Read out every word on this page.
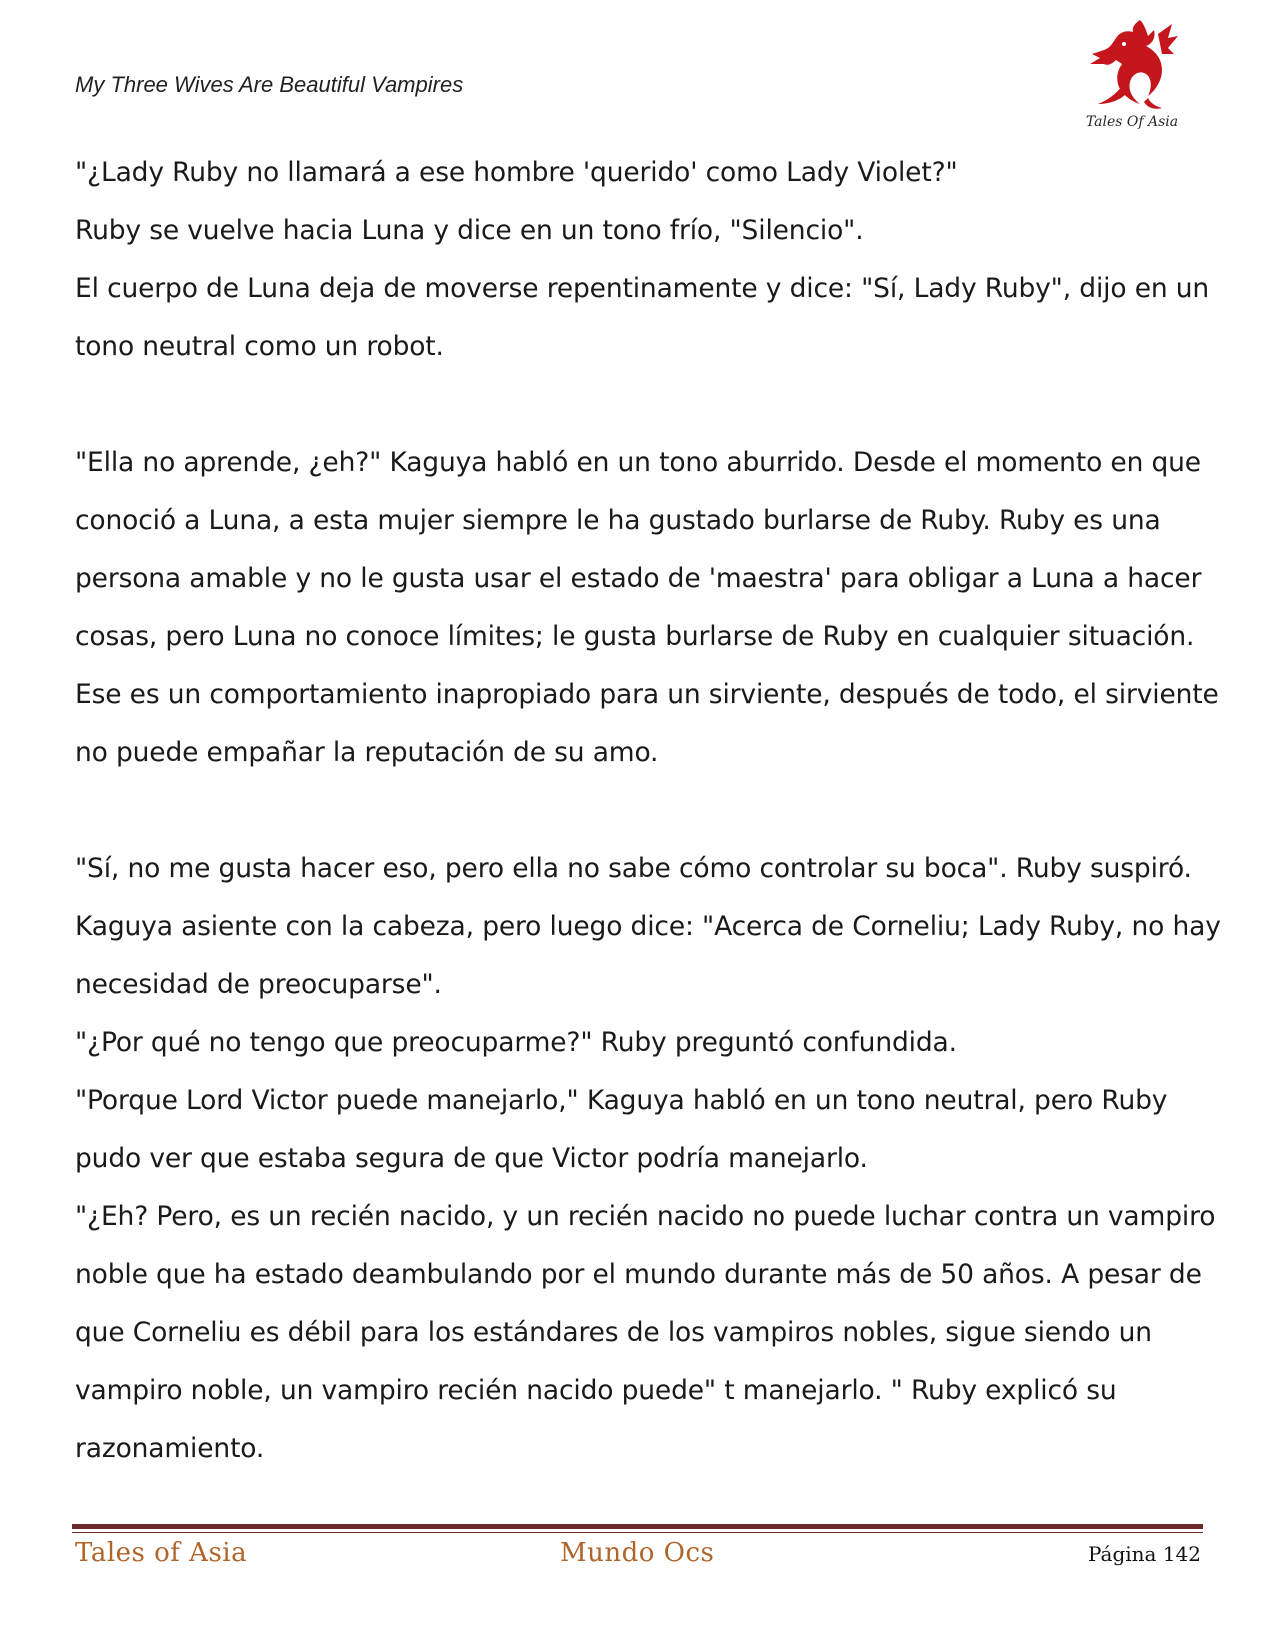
My Three Wives Are Beautiful Vampires
Tales Of Asia

"¿Lady Ruby no llamará a ese hombre 'querido' como Lady Violet?"

Ruby se vuelve hacia Luna y dice en un tono frío, "Silencio".

El cuerpo de Luna deja de moverse repentinamente y dice: "Sí, Lady Ruby", dijo en un

tono neutral como un robot.

"Ella no aprende, ¿eh?" Kaguya habló en un tono aburrido. Desde el momento en que

conoció a Luna, a esta mujer siempre le ha gustado burlarse de Ruby. Ruby es una

persona amable y no le gusta usar el estado de 'maestra' para obligar a Luna a hacer

cosas, pero Luna no conoce límites; le gusta burlarse de Ruby en cualquier situación.

Ese es un comportamiento inapropiado para un sirviente, después de todo, el sirviente

no puede empañar la reputación de su amo.

"Sí, no me gusta hacer eso, pero ella no sabe cómo controlar su boca". Ruby suspiró.

Kaguya asiente con la cabeza, pero luego dice: "Acerca de Corneliu; Lady Ruby, no hay

necesidad de preocuparse".

"¿Por qué no tengo que preocuparme?" Ruby preguntó confundida.

"Porque Lord Victor puede manejarlo," Kaguya habló en un tono neutral, pero Ruby

pudo ver que estaba segura de que Victor podría manejarlo.

"¿Eh? Pero, es un recién nacido, y un recién nacido no puede luchar contra un vampiro

noble que ha estado deambulando por el mundo durante más de 50 años. A pesar de

que Corneliu es débil para los estándares de los vampiros nobles, sigue siendo un

vampiro noble, un vampiro recién nacido puede" t manejarlo. " Ruby explicó su

razonamiento.

Tales of Asia	Mundo Ocs	Página 142
